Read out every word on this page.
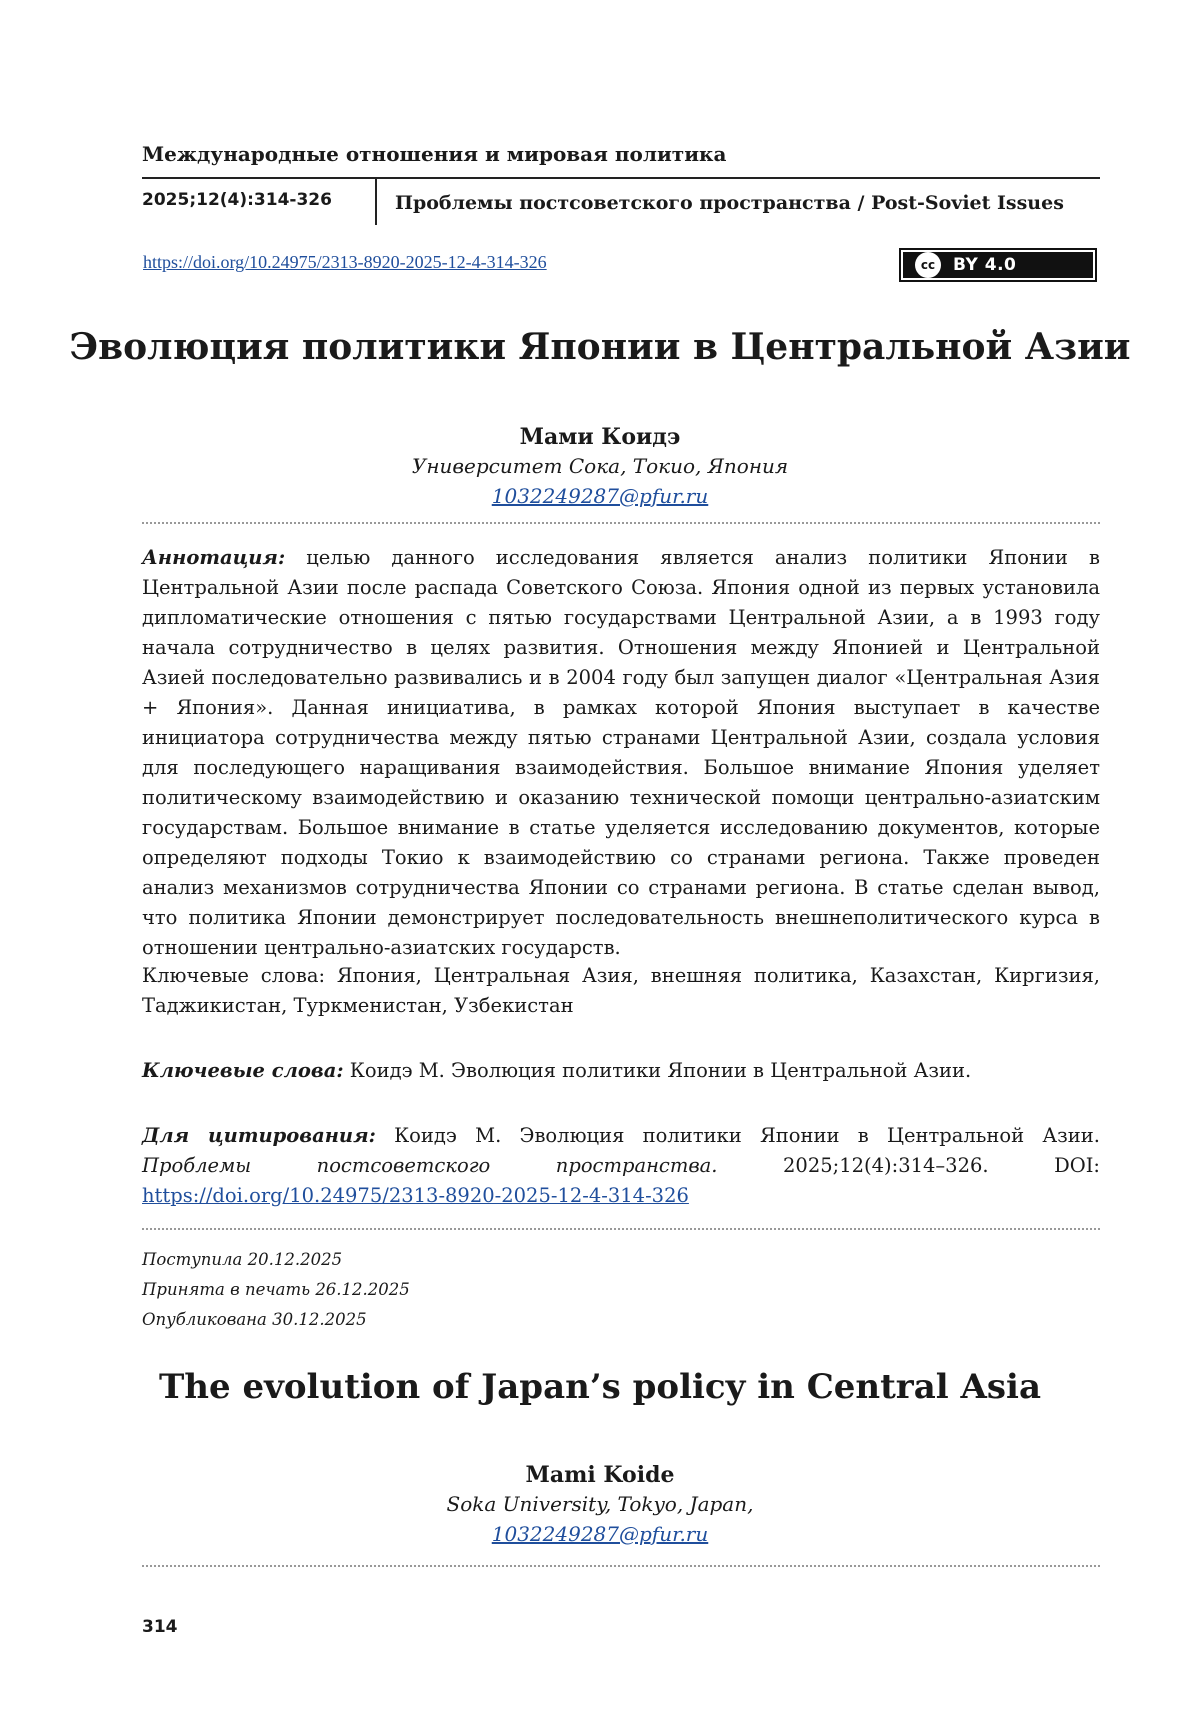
Международные отношения и мировая политика
2025;12(4):314-326	Проблемы постсоветского пространства / Post-Soviet Issues
https://doi.org/10.24975/2313-8920-2025-12-4-314-326	cc	BY 4.0
Эволюция политики Японии в Центральной Азии
Мами Коидэ
Университет Сока, Токио, Япония
1032249287@pfur.ru
Аннотация: целью данного исследования является анализ политики Японии в Центральной Азии после распада Советского Союза. Япония одной из первых установила дипломатические отношения с пятью государствами Центральной Азии, а в 1993 году начала сотрудничество в целях развития. Отношения между Японией и Центральной Азией последовательно развивались и в 2004 году был запущен диалог «Центральная Азия + Япония». Данная инициатива, в рамках которой Япония выступает в качестве инициатора сотрудничества между пятью странами Центральной Азии, создала условия для последующего наращивания взаимодействия. Большое внимание Япония уделяет политическому взаимодействию и оказанию технической помощи центрально-азиатским государствам. Большое внимание в статье уделяется исследованию документов, которые определяют подходы Токио к взаимодействию со странами региона. Также проведен анализ механизмов сотрудничества Японии со странами региона. В статье сделан вывод, что политика Японии демонстрирует последовательность внешнеполитического курса в отношении центрально-азиатских государств.
Ключевые слова: Япония, Центральная Азия, внешняя политика, Казахстан, Киргизия, Таджикистан, Туркменистан, Узбекистан
Ключевые слова: Коидэ М. Эволюция политики Японии в Центральной Азии.
Для цитирования: Коидэ М. Эволюция политики Японии в Центральной Азии. Проблемы постсоветского пространства.	2025;12(4):314–326. DOI: https://doi.org/10.24975/2313-8920-2025-12-4-314-326
Поступила 20.12.2025
Принята в печать 26.12.2025
Опубликована 30.12.2025
The evolution of Japan’s policy in Central Asia
Mami Koide
Soka University, Tokyo, Japan,
1032249287@pfur.ru
314
